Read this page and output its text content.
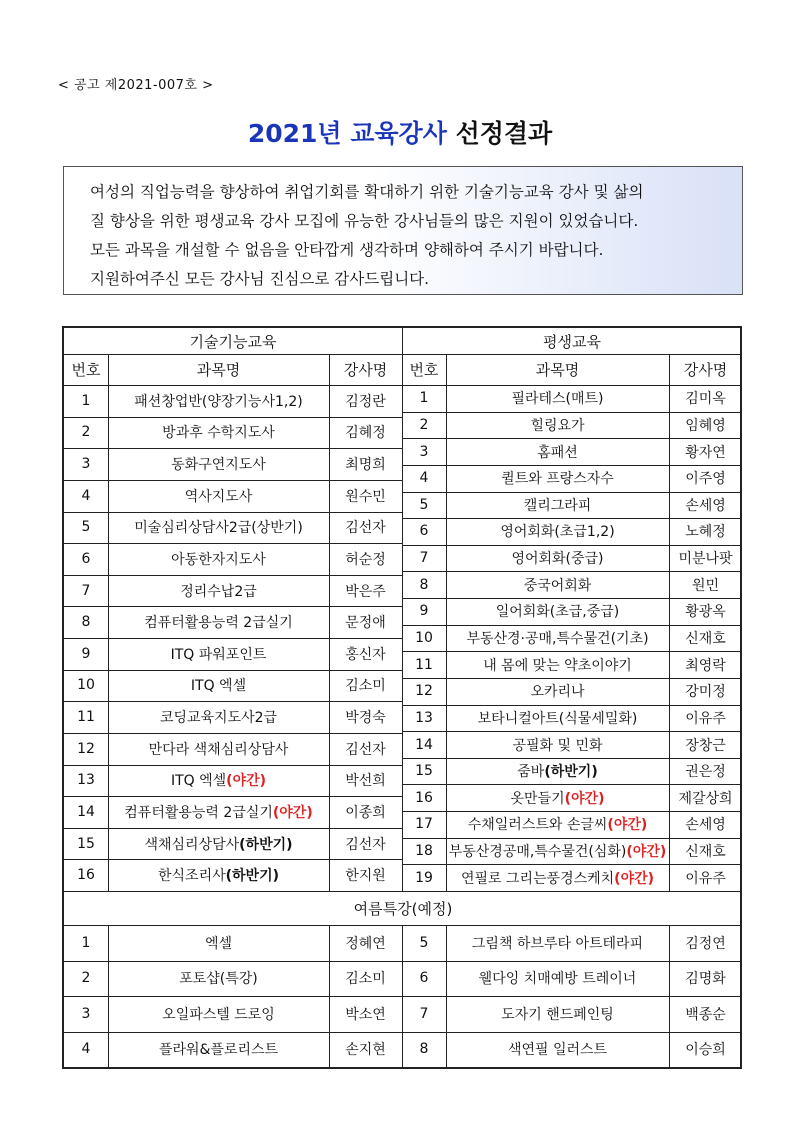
< 공고 제2021-007호 >
2021년 교육강사 선정결과
여성의 직업능력을 향상하여 취업기회를 확대하기 위한 기술기능교육 강사 및 삶의
질 향상을 위한 평생교육 강사 모집에 유능한 강사님들의 많은 지원이 있었습니다.
모든 과목을 개설할 수 없음을 안타깝게 생각하며 양해하여 주시기 바랍니다.
지원하여주신 모든 강사님 진심으로 감사드립니다.
기술기능교육	평생교육
번호	과목명	강사명	번호	과목명	강사명
1	패션창업반(양장기능사1,2)	김정란
2	방과후 수학지도사	김혜정
3	동화구연지도사	최명희
4	역사지도사	원수민
5	미술심리상담사2급(상반기)	김선자
6	아동한자지도사	허순정
7	정리수납2급	박은주
8	컴퓨터활용능력 2급실기	문정애
9	ITQ 파워포인트	홍신자
10	ITQ 엑셀	김소미
11	코딩교육지도사2급	박경숙
12	만다라 색채심리상담사	김선자
13	ITQ 엑셀 (야간)	박선희
14	컴퓨터활용능력 2급실기 (야간)	이종희
15	색채심리상담사 (하반기)	김선자
16	한식조리사 (하반기)	한지원
1	필라테스(매트)	김미옥
2	힐링요가	임혜영
3	홈패션	황자연
4	퀼트와 프랑스자수	이주영
5	캘리그라피	손세영
6	영어회화(초급1,2)	노혜정
7	영어회화(중급)	미분나팟
8	중국어회화	원민
9	일어회화(초급,중급)	황광옥
10	부동산경·공매,특수물건(기초)	신재호
11	내 몸에 맞는 약초이야기	최영락
12	오카리나	강미정
13	보타니컬아트(식물세밀화)	이유주
14	공필화 및 민화	장창근
15	줌바 (하반기)	권은정
16	옷만들기 (야간)	제갈상희
17	수채일러스트와 손글씨 (야간)	손세영
18	부동산경공매,특수물건(심화) (야간)	신재호
19	연필로 그리는풍경스케치 (야간)	이유주
여름특강(예정)
1	엑셀	정혜연	5	그림책 하브루타 아트테라피	김정연
2	포토샵(특강)	김소미	6	웰다잉 치매예방 트레이너	김명화
3	오일파스텔 드로잉	박소연	7	도자기 핸드페인팅	백종순
4	플라워&플로리스트	손지현	8	색연필 일러스트	이승희
